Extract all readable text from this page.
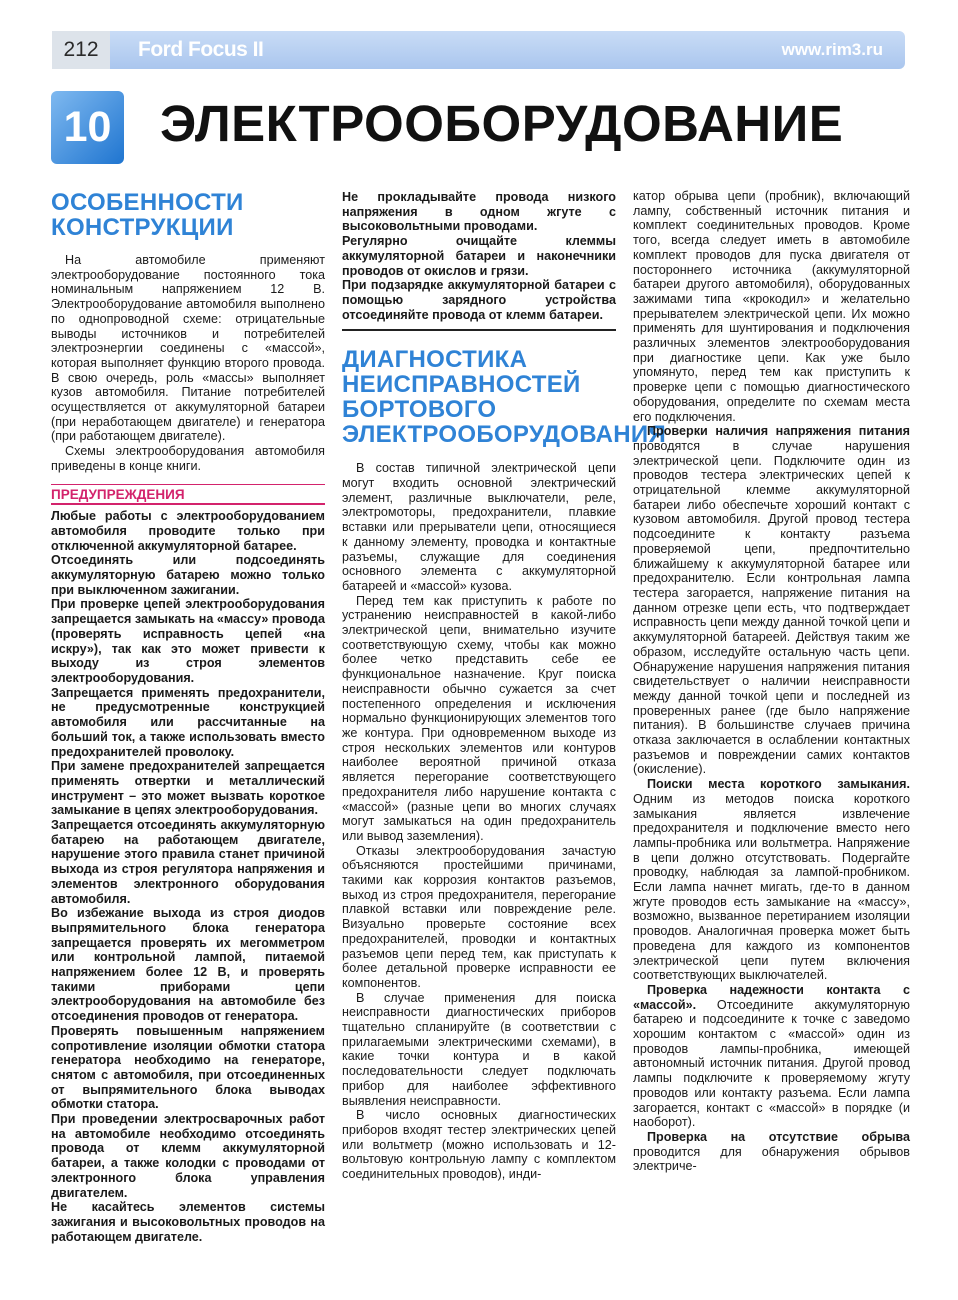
212	Ford Focus II	www.rim3.ru
10 ЭЛЕКТРООБОРУДОВАНИЕ
ОСОБЕННОСТИ КОНСТРУКЦИИ

На автомобиле применяют электрооборудование постоянного тока номинальным напряжением 12 В. Электрооборудование автомобиля выполнено по однопроводной схеме: отрицательные выводы источников и потребителей электроэнергии соединены с «массой», которая выполняет функцию второго провода. В свою очередь, роль «массы» выполняет кузов автомобиля. Питание потребителей осуществляется от аккумуляторной батареи (при неработающем двигателе) и генератора (при работающем двигателе).

Схемы электрооборудования автомобиля приведены в конце книги.

ПРЕДУПРЕЖДЕНИЯ

Любые работы с электрооборудованием автомобиля проводите только при отключенной аккумуляторной батарее.

Отсоединять или подсоединять аккумуляторную батарею можно только при выключенном зажигании.

При проверке цепей электрооборудования запрещается замыкать на «массу» провода (проверять исправность цепей «на искру»), так как это может привести к выходу из строя элементов электрооборудования.

Запрещается применять предохранители, не предусмотренные конструкцией автомобиля или рассчитанные на больший ток, а также использовать вместо предохранителей проволоку.

При замене предохранителей запрещается применять отвертки и металлический инструмент – это может вызвать короткое замыкание в цепях электрооборудования.

Запрещается отсоединять аккумуляторную батарею на работающем двигателе, нарушение этого правила станет причиной выхода из строя регулятора напряжения и элементов электронного оборудования автомобиля.

Во избежание выхода из строя диодов выпрямительного блока генератора запрещается проверять их мегомметром или контрольной лампой, питаемой напряжением более 12 В, и проверять такими приборами цепи электрооборудования на автомобиле без отсоединения проводов от генератора.

Проверять повышенным напряжением сопротивление изоляции обмотки статора генератора необходимо на генераторе, снятом с автомобиля, при отсоединенных от выпрямительного блока выводах обмотки статора.

При проведении электросварочных работ на автомобиле необходимо отсоединять провода от клемм аккумуляторной батареи, а также колодки с проводами от электронного блока управления двигателем.

Не касайтесь элементов системы зажигания и высоковольтных проводов на работающем двигателе.

Не прокладывайте провода низкого напряжения в одном жгуте с высоковольтными проводами.

Регулярно очищайте клеммы аккумуляторной батареи и наконечники проводов от окислов и грязи.

При подзарядке аккумуляторной батареи с помощью зарядного устройства отсоединяйте провода от клемм батареи.

ДИАГНОСТИКА НЕИСПРАВНОСТЕЙ БОРТОВОГО ЭЛЕКТРООБОРУДОВАНИЯ

В состав типичной электрической цепи могут входить основной электрический элемент, различные выключатели, реле, электромоторы, предохранители, плавкие вставки или прерыватели цепи, относящиеся к данному элементу, проводка и контактные разъемы, служащие для соединения основного элемента с аккумуляторной батареей и «массой» кузова.

Перед тем как приступить к работе по устранению неисправностей в какой-либо электрической цепи, внимательно изучите соответствующую схему, чтобы как можно более четко представить себе ее функциональное назначение. Круг поиска неисправности обычно сужается за счет постепенного определения и исключения нормально функционирующих элементов того же контура. При одновременном выходе из строя нескольких элементов или контуров наиболее вероятной причиной отказа является перегорание соответствующего предохранителя либо нарушение контакта с «массой» (разные цепи во многих случаях могут замыкаться на один предохранитель или вывод заземления).

Отказы электрооборудования зачастую объясняются простейшими причинами, такими как коррозия контактов разъемов, выход из строя предохранителя, перегорание плавкой вставки или повреждение реле. Визуально проверьте состояние всех предохранителей, проводки и контактных разъемов цепи перед тем, как приступать к более детальной проверке исправности ее компонентов.

В случае применения для поиска неисправности диагностических приборов тщательно спланируйте (в соответствии с прилагаемыми электрическими схемами), в какие точки контура и в какой последовательности следует подключать прибор для наиболее эффективного выявления неисправности.

В число основных диагностических приборов входят тестер электрических цепей или вольтметр (можно использовать и 12-вольтовую контрольную лампу с комплектом соединительных проводов), инди-

катор обрыва цепи (пробник), включающий лампу, собственный источник питания и комплект соединительных проводов. Кроме того, всегда следует иметь в автомобиле комплект проводов для пуска двигателя от постороннего источника (аккумуляторной батареи другого автомобиля), оборудованных зажимами типа «крокодил» и желательно прерывателем электрической цепи. Их можно применять для шунтирования и подключения различных элементов электрооборудования при диагностике цепи. Как уже было упомянуто, перед тем как приступить к проверке цепи с помощью диагностического оборудования, определите по схемам места его подключения.

Проверки наличия напряжения питания проводятся в случае нарушения электрической цепи. Подключите один из проводов тестера электрических цепей к отрицательной клемме аккумуляторной батареи либо обеспечьте хороший контакт с кузовом автомобиля. Другой провод тестера подсоедините к контакту разъема проверяемой цепи, предпочтительно ближайшему к аккумуляторной батарее или предохранителю. Если контрольная лампа тестера загорается, напряжение питания на данном отрезке цепи есть, что подтверждает исправность цепи между данной точкой цепи и аккумуляторной батареей. Действуя таким же образом, исследуйте остальную часть цепи. Обнаружение нарушения напряжения питания свидетельствует о наличии неисправности между данной точкой цепи и последней из проверенных ранее (где было напряжение питания). В большинстве случаев причина отказа заключается в ослаблении контактных разъемов и повреждении самих контактов (окисление).

Поиски места короткого замыкания. Одним из методов поиска короткого замыкания является извлечение предохранителя и подключение вместо него лампы-пробника или вольтметра. Напряжение в цепи должно отсутствовать. Подергайте проводку, наблюдая за лампой-пробником. Если лампа начнет мигать, где-то в данном жгуте проводов есть замыкание на «массу», возможно, вызванное перетиранием изоляции проводов. Аналогичная проверка может быть проведена для каждого из компонентов электрической цепи путем включения соответствующих выключателей.

Проверка надежности контакта с «массой». Отсоедините аккумуляторную батарею и подсоедините к точке с заведомо хорошим контактом с «массой» один из проводов лампы-пробника, имеющей автономный источник питания. Другой провод лампы подключите к проверяемому жгуту проводов или контакту разъема. Если лампа загорается, контакт с «массой» в порядке (и наоборот).

Проверка на отсутствие обрыва проводится для обнаружения обрывов электриче-
